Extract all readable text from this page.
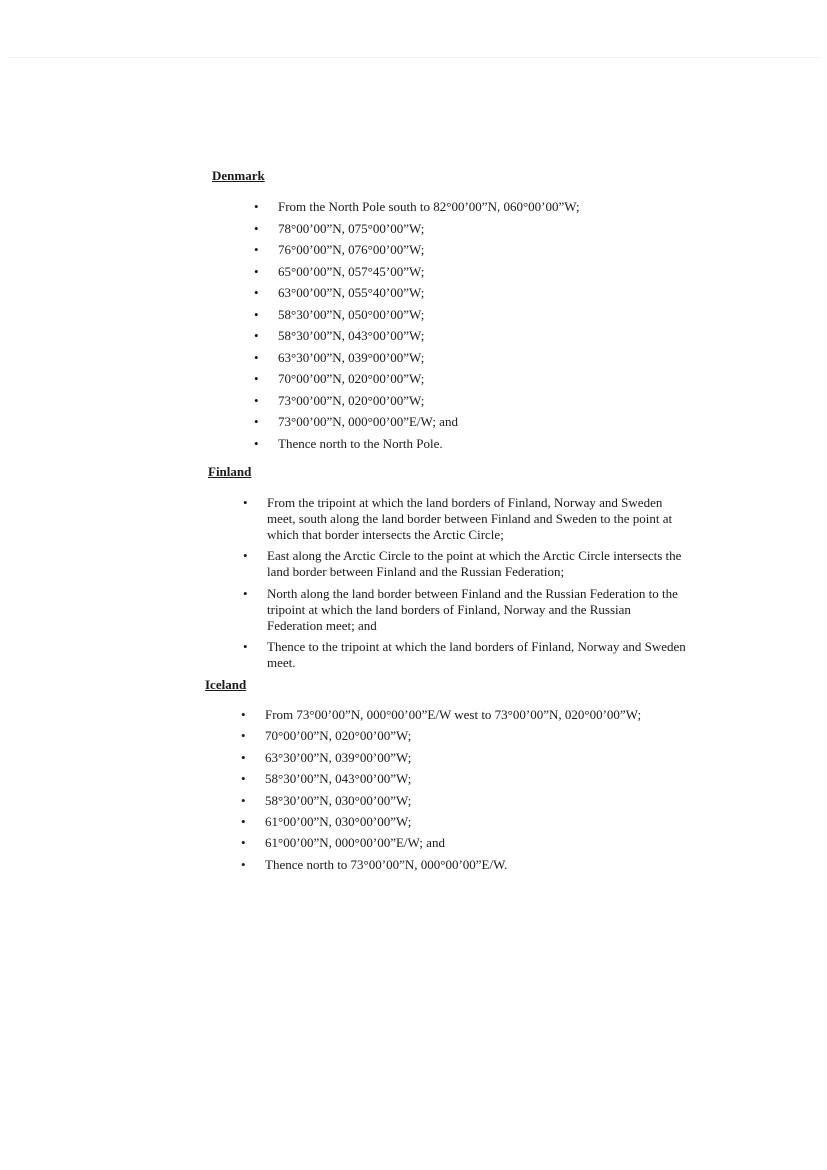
Denmark
•	From the North Pole south to 82°00’00”N, 060°00’00”W;
•	78°00’00”N, 075°00’00”W;
•	76°00’00”N, 076°00’00”W;
•	65°00’00”N, 057°45’00”W;
•	63°00’00”N, 055°40’00”W;
•	58°30’00”N, 050°00’00”W;
•	58°30’00”N, 043°00’00”W;
•	63°30’00”N, 039°00’00”W;
•	70°00’00”N, 020°00’00”W;
•	73°00’00”N, 020°00’00”W;
•	73°00’00”N, 000°00’00”E/W; and
•	Thence north to the North Pole.
Finland
•	From the tripoint at which the land borders of Finland, Norway and Sweden meet, south along the land border between Finland and Sweden to the point at which that border intersects the Arctic Circle;
•	East along the Arctic Circle to the point at which the Arctic Circle intersects the land border between Finland and the Russian Federation;
•	North along the land border between Finland and the Russian Federation to the tripoint at which the land borders of Finland, Norway and the Russian Federation meet; and
•	Thence to the tripoint at which the land borders of Finland, Norway and Sweden meet.
Iceland
•	From 73°00’00”N, 000°00’00”E/W west to 73°00’00”N, 020°00’00”W;
•	70°00’00”N, 020°00’00”W;
•	63°30’00”N, 039°00’00”W;
•	58°30’00”N, 043°00’00”W;
•	58°30’00”N, 030°00’00”W;
•	61°00’00”N, 030°00’00”W;
•	61°00’00”N, 000°00’00”E/W; and
•	Thence north to 73°00’00”N, 000°00’00”E/W.
